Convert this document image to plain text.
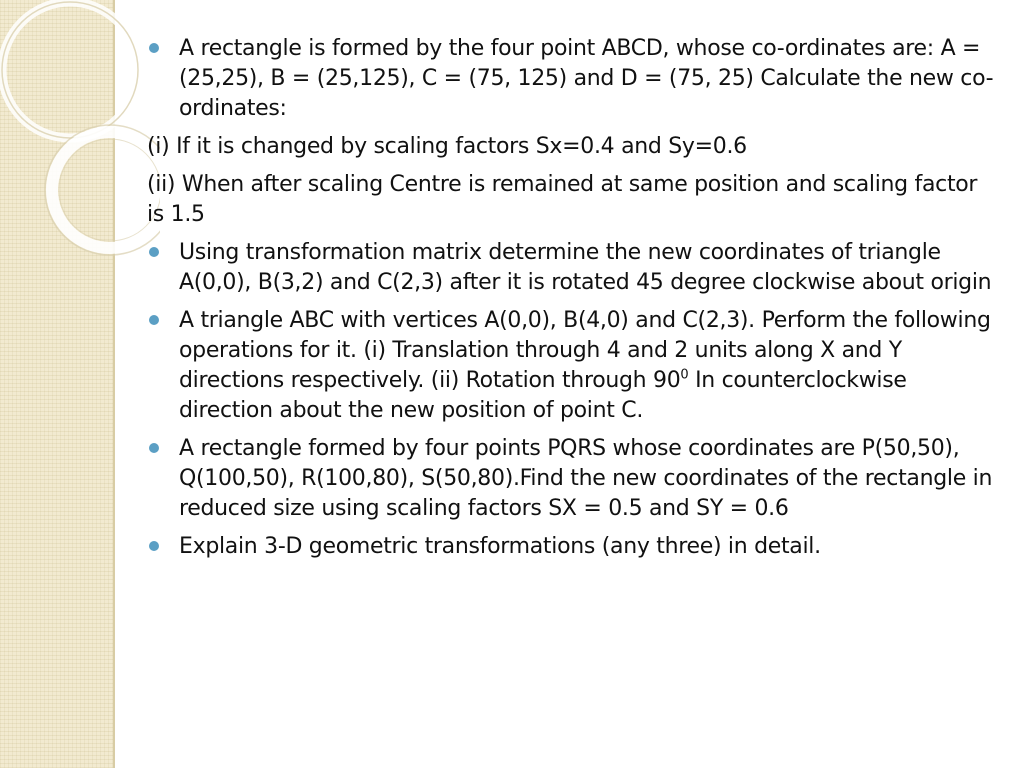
A rectangle is formed by the four point ABCD, whose co-ordinates are: A = (25,25), B = (25,125), C = (75, 125) and D = (75, 25) Calculate the new co-ordinates:
(i) If it is changed by scaling factors Sx=0.4 and Sy=0.6
(ii) When after scaling Centre is remained at same position and scaling factor is 1.5
Using transformation matrix determine the new coordinates of triangle A(0,0), B(3,2) and C(2,3) after it is rotated 45 degree clockwise about origin
A triangle ABC with vertices A(0,0), B(4,0) and C(2,3). Perform the following operations for it. (i) Translation through 4 and 2 units along X and Y directions respectively. (ii) Rotation through $90^0$ In counterclockwise direction about the new position of point C.
A rectangle formed by four points PQRS whose coordinates are P(50,50), Q(100,50), R(100,80), S(50,80).Find the new coordinates of the rectangle in reduced size using scaling factors SX = 0.5 and SY = 0.6
Explain 3-D geometric transformations (any three) in detail.
